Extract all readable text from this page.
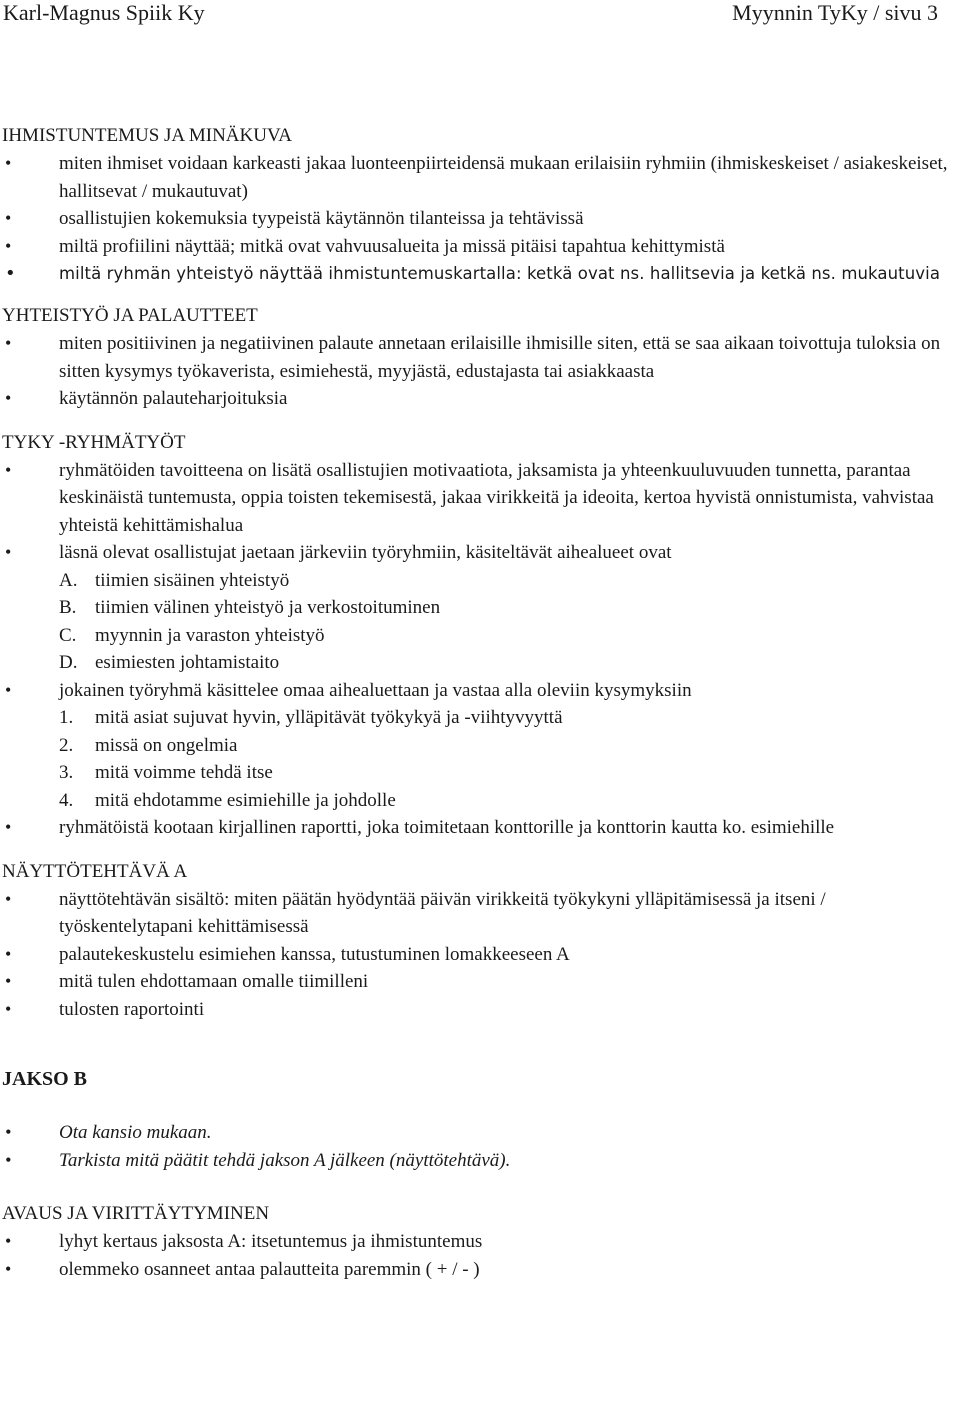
Karl-Magnus Spiik Ky	Myynnin TyKy / sivu 3
IHMISTUNTEMUS JA MINÄKUVA
•	miten ihmiset voidaan karkeasti jakaa luonteenpiirteidensä mukaan erilaisiin ryhmiin (ihmiskeskeiset / asiakeskeiset, hallitsevat / mukautuvat)
•	osallistujien kokemuksia tyypeistä käytännön tilanteissa ja tehtävissä
•	miltä profiilini näyttää; mitkä ovat vahvuusalueita ja missä pitäisi tapahtua kehittymistä
•	miltä ryhmän yhteistyö näyttää ihmistuntemuskartalla: ketkä ovat ns. hallitsevia ja ketkä ns. mukautuvia
YHTEISTYÖ JA PALAUTTEET
•	miten positiivinen ja negatiivinen palaute annetaan erilaisille ihmisille siten, että se saa aikaan toivottuja tuloksia on sitten kysymys työkaverista, esimiehestä, myyjästä, edustajasta tai asiakkaasta
•	käytännön palauteharjoituksia
TYKY -RYHMÄTYÖT
•	ryhmätöiden tavoitteena on lisätä osallistujien motivaatiota, jaksamista ja yhteenkuuluvuuden tunnetta, parantaa keskinäistä tuntemusta, oppia toisten tekemisestä, jakaa virikkeitä ja ideoita, kertoa hyvistä onnistumista, vahvistaa yhteistä kehittämishalua
•	läsnä olevat osallistujat jaetaan järkeviin työryhmiin, käsiteltävät aihealueet ovat
A. tiimien sisäinen yhteistyö
B. tiimien välinen yhteistyö ja verkostoituminen
C. myynnin ja varaston yhteistyö
D. esimiesten johtamistaito
•	jokainen työryhmä käsittelee omaa aihealuettaan ja vastaa alla oleviin kysymyksiin
1. mitä asiat sujuvat hyvin, ylläpitävät työkykyä ja -viihtyvyyttä
2. missä on ongelmia
3. mitä voimme tehdä itse
4. mitä ehdotamme esimiehille ja johdolle
•	ryhmätöistä kootaan kirjallinen raportti, joka toimitetaan konttorille ja konttorin kautta ko. esimiehille
NÄYTTÖTEHTÄVÄ A
•	näyttötehtävän sisältö: miten päätän hyödyntää päivän virikkeitä työkykyni ylläpitämisessä ja itseni / työskentelytapani kehittämisessä
•	palautekeskustelu esimiehen kanssa, tutustuminen lomakkeeseen A
•	mitä tulen ehdottamaan omalle tiimilleni
•	tulosten raportointi
JAKSO B
•	Ota kansio mukaan.
•	Tarkista mitä päätit tehdä jakson A jälkeen (näyttötehtävä).
AVAUS JA VIRITTÄYTYMINEN
•	lyhyt kertaus jaksosta A: itsetuntemus ja ihmistuntemus
•	olemmeko osanneet antaa palautteita paremmin ( + / - )
